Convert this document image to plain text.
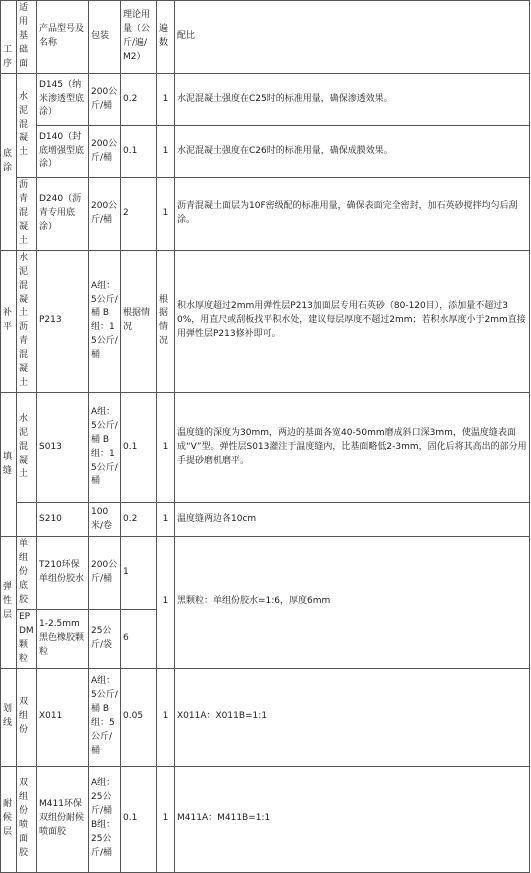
工序	适用基础面	产品型号及名称	包装	理论用量（公斤/遍/M2）	遍数	配比
底涂	水泥混凝土	D145（纳米渗透型底涂）	200公斤/桶	0.2	1	水泥混凝土强度在C25时的标准用量，确保渗透效果。
		D140（封底增强型底涂）	200公斤/桶	0.1	1	水泥混凝土强度在C26时的标准用量，确保成膜效果。
	沥青混凝土	D240（沥青专用底涂）	200公斤/桶	2	1	沥青混凝土面层为10F密级配的标准用量，确保表面完全密封，加石英砂搅拌均匀后刮涂。
补平	水泥混凝土沥青混凝土	P213	A组：5公斤/桶 B组：15公斤/桶	根据情况	根据情况	积水厚度超过2mm用弹性层P213加面层专用石英砂（80-120目），添加量不超过30%，用直尺或刮板找平积水处，建议每层厚度不超过2mm；若积水厚度小于2mm直接用弹性层P213修补即可。
填缝	水泥混凝土	S013	A组：5公斤/桶 B组：15公斤/桶	0.1	1	温度缝的深度为30mm，两边的基面各宽40-50mm磨成斜口深3mm，使温度缝表面成“V”型。弹性层S013灌注于温度缝内，比基面略低2-3mm，固化后将其高出的部分用手提砂磨机磨平。
		S210	100米/卷	0.2	1	温度缝两边各10cm
弹性层	单组份底胶	T210环保单组份胶水	200公斤/桶	1	1	黑颗粒：单组份胶水=1:6，厚度6mm
	EPDM颗粒	1-2.5mm黑色橡胶颗粒	25公斤/袋	6		
划线	双组份	X011	A组：5公斤/桶 B组：5公斤/桶	0.05	1	X011A：X011B=1:1
耐候层	双组份喷面胶	M411环保双组份耐候喷面胶	A组：25公斤/桶 B组：25公斤/桶	0.1	1	M411A：M411B=1:1
